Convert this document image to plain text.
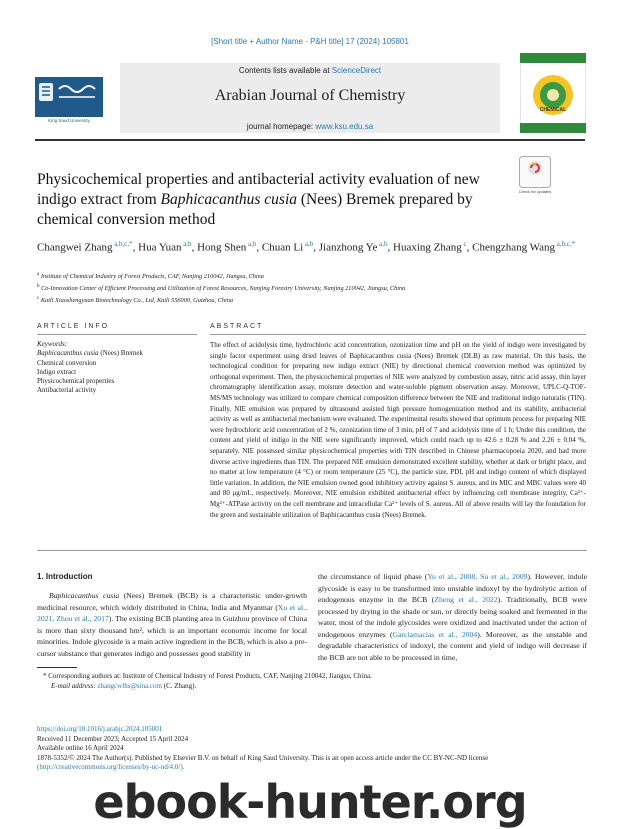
[Short title + Author Name - P&H title] 17 (2024) 105801
King Saud University
Contents lists available at ScienceDirect
Arabian Journal of Chemistry
journal homepage: www.ksu.edu.sa
CHEMICAL
Physicochemical properties and antibacterial activity evaluation of new indigo extract from Baphicacanthus cusia (Nees) Bremek prepared by chemical conversion method
Check for updates
Changwei Zhang $^{a,b,c,*}$, Hua Yuan $^{a,b}$, Hong Shen $^{a,b}$, Chuan Li $^{a,b}$, Jianzhong Ye $^{a,b}$, Huaxing Zhang $^c$, Chengzhang Wang $^{a,b,c,*}$
$^a$ Institute of Chemical Industry of Forest Products, CAF, Nanjing 210042, Jiangsu, China
$^b$ Co-Innovation Center of Efficient Processing and Utilization of Forest Resources, Nanjing Forestry University, Nanjing 210042, Jiangsu, China
$^c$ Kaili Xiaoshengyuan Biotechnology Co., Ltd, Kaili 556000, Guizhou, China
ARTICLE INFO
Keywords:
Baphicacanthus cusia (Nees) Bremek
Chemical conversion
Indigo extract
Physicochemical properties
Antibacterial activity
ABSTRACT
The effect of acidolysis time, hydrochloric acid concentration, ozonization time and pH on the yield of indigo were investigated by single factor experiment using dried leaves of Baphicacanthus cusia (Nees) Bremek (DLB) as raw material. On this basis, the technological condition for preparing new indigo extract (NIE) by directional chemical conversion method was optimized by orthogonal experiment. Then, the physicochemical properties of NIE were analyzed by combustion assay, nitric acid assay, thin layer chromatography identification assay, moisture detection and water-soluble pigment observation assay. Moreover, UPLC-Q-TOF-MS/MS technology was utilized to compare chemical composition difference between the NIE and traditional indigo naturalis (TIN). Finally, NIE emulsion was prepared by ultrasound assisted high pressure homogenization method and its stability, antibacterial activity as well as antibacterial mechanism were evaluated. The experimental results showed that optimum process for preparing NIE were hydrochloric acid concentration of 2 %, ozonization time of 3 min, pH of 7 and acidolysis time of 1 h; Under this condition, the content and yield of indigo in the NIE were significantly improved, which could reach up to 42.6 ± 0.28 % and 2.26 ± 0.04 %, separately. NIE possessed similar physicochemical properties with TIN described in Chinese pharmacopoeia 2020, and had more diverse active ingredients than TIN. The prepared NIE emulsion demonstrated excellent stability, whether at dark or bright place, and no matter at low temperature (4 °C) or room temperature (25 °C), the particle size, PDI, pH and indigo content of which displayed little variation. In addition, the NIE emulsion owned good inhibitory activity against S. aureus, and its MIC and MBC values were 40 and 80 μg/mL, respectively. Moreover, NIE emulsion exhibited antibacterial effect by influencing cell membrane integrity, Ca²⁺-Mg²⁺-ATPase activity on the cell membrane and intracellular Ca²⁺ levels of S. aureus. All of above results will lay the foundation for the green and sustainable utilization of Baphicacanthus cusia (Nees) Bremek.
1. Introduction
Baphicacanthus cusia (Nees) Bremek (BCB) is a characteristic under-growth medicinal resource, which widely distributed in China, India and Myanmar (Xu et al., 2021, Zhou et al., 2017). The existing BCB planting area in Guizhou province of China is more than sixty thousand hm², which is an important economic income for local minorities. Indole glycoside is a main active ingredient in the BCB, which is also a pre-cursor substance that generates indigo and possesses good stability in
the circumstance of liquid phase (Yu et al., 2008, Su et al., 2009). However, indole glycoside is easy to be transformed into unstable indoxyl by the hydrolytic action of endogenous enzyme in the BCB (Zheng et al., 2022). Traditionally, BCB were processed by drying in the shade or sun, or directly being soaked and fermented in the water, most of the indole glycosides were oxidized and inactivated under the action of endogenous enzymes (Garciamacias et al., 2004). Moreover, as the unstable and degradable characteristics of indoxyl, the content and yield of indigo will decrease if the BCB are not able to be processed in time,
* Corresponding authors at: Institute of Chemical Industry of Forest Products, CAF, Nanjing 210042, Jiangsu, China.
E-mail address: zhangcwlhs@sina.com (C. Zhang).
https://doi.org/10.1016/j.arabjc.2024.105801
Received 11 December 2023; Accepted 15 April 2024
Available online 16 April 2024
1878-5352/© 2024 The Author(s). Published by Elsevier B.V. on behalf of King Saud University. This is an open access article under the CC BY-NC-ND license
(http://creativecommons.org/licenses/by-nc-nd/4.0/).
ebook-hunter.org
